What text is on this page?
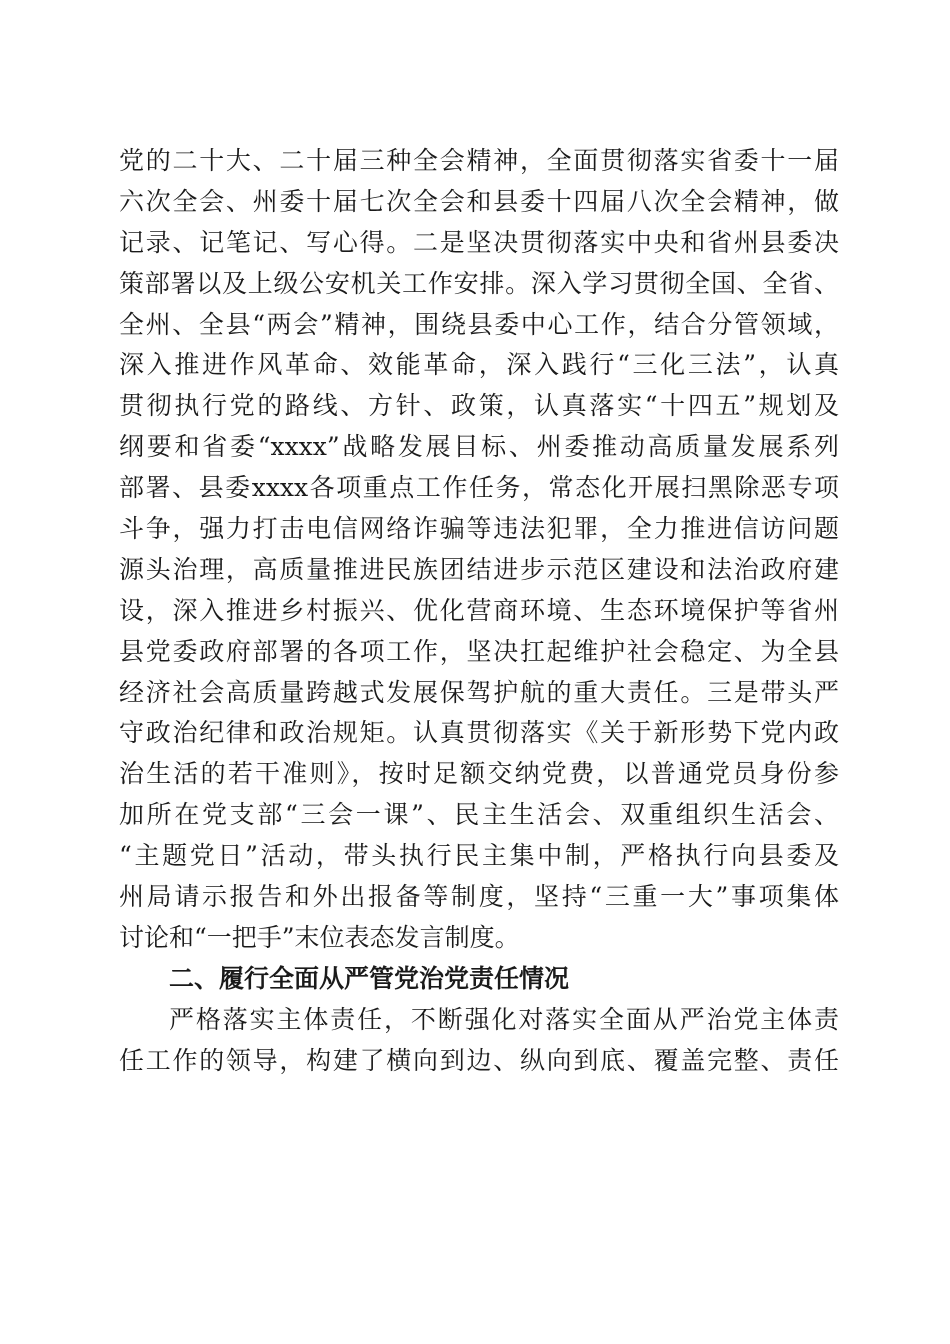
党的二十大、二十届三种全会精神，全面贯彻落实省委十一届
六次全会、州委十届七次全会和县委十四届八次全会精神，做
记录、记笔记、写心得。二是坚决贯彻落实中央和省州县委决
策部署以及上级公安机关工作安排。深入学习贯彻全国、全省、
全州、全县“两会”精神，围绕县委中心工作，结合分管领域，
深入推进作风革命、效能革命，深入践行“三化三法”，认真
贯彻执行党的路线、方针、政策，认真落实“十四五”规划及
纲要和省委“xxxx”战略发展目标、州委推动高质量发展系列
部署、县委xxxx各项重点工作任务，常态化开展扫黑除恶专项
斗争，强力打击电信网络诈骗等违法犯罪，全力推进信访问题
源头治理，高质量推进民族团结进步示范区建设和法治政府建
设，深入推进乡村振兴、优化营商环境、生态环境保护等省州
县党委政府部署的各项工作，坚决扛起维护社会稳定、为全县
经济社会高质量跨越式发展保驾护航的重大责任。三是带头严
守政治纪律和政治规矩。认真贯彻落实《关于新形势下党内政
治生活的若干准则》，按时足额交纳党费，以普通党员身份参
加所在党支部“三会一课”、民主生活会、双重组织生活会、
“主题党日”活动，带头执行民主集中制，严格执行向县委及
州局请示报告和外出报备等制度，坚持“三重一大”事项集体
讨论和“一把手”末位表态发言制度。
二、履行全面从严管党治党责任情况
严格落实主体责任，不断强化对落实全面从严治党主体责
任工作的领导，构建了横向到边、纵向到底、覆盖完整、责任
